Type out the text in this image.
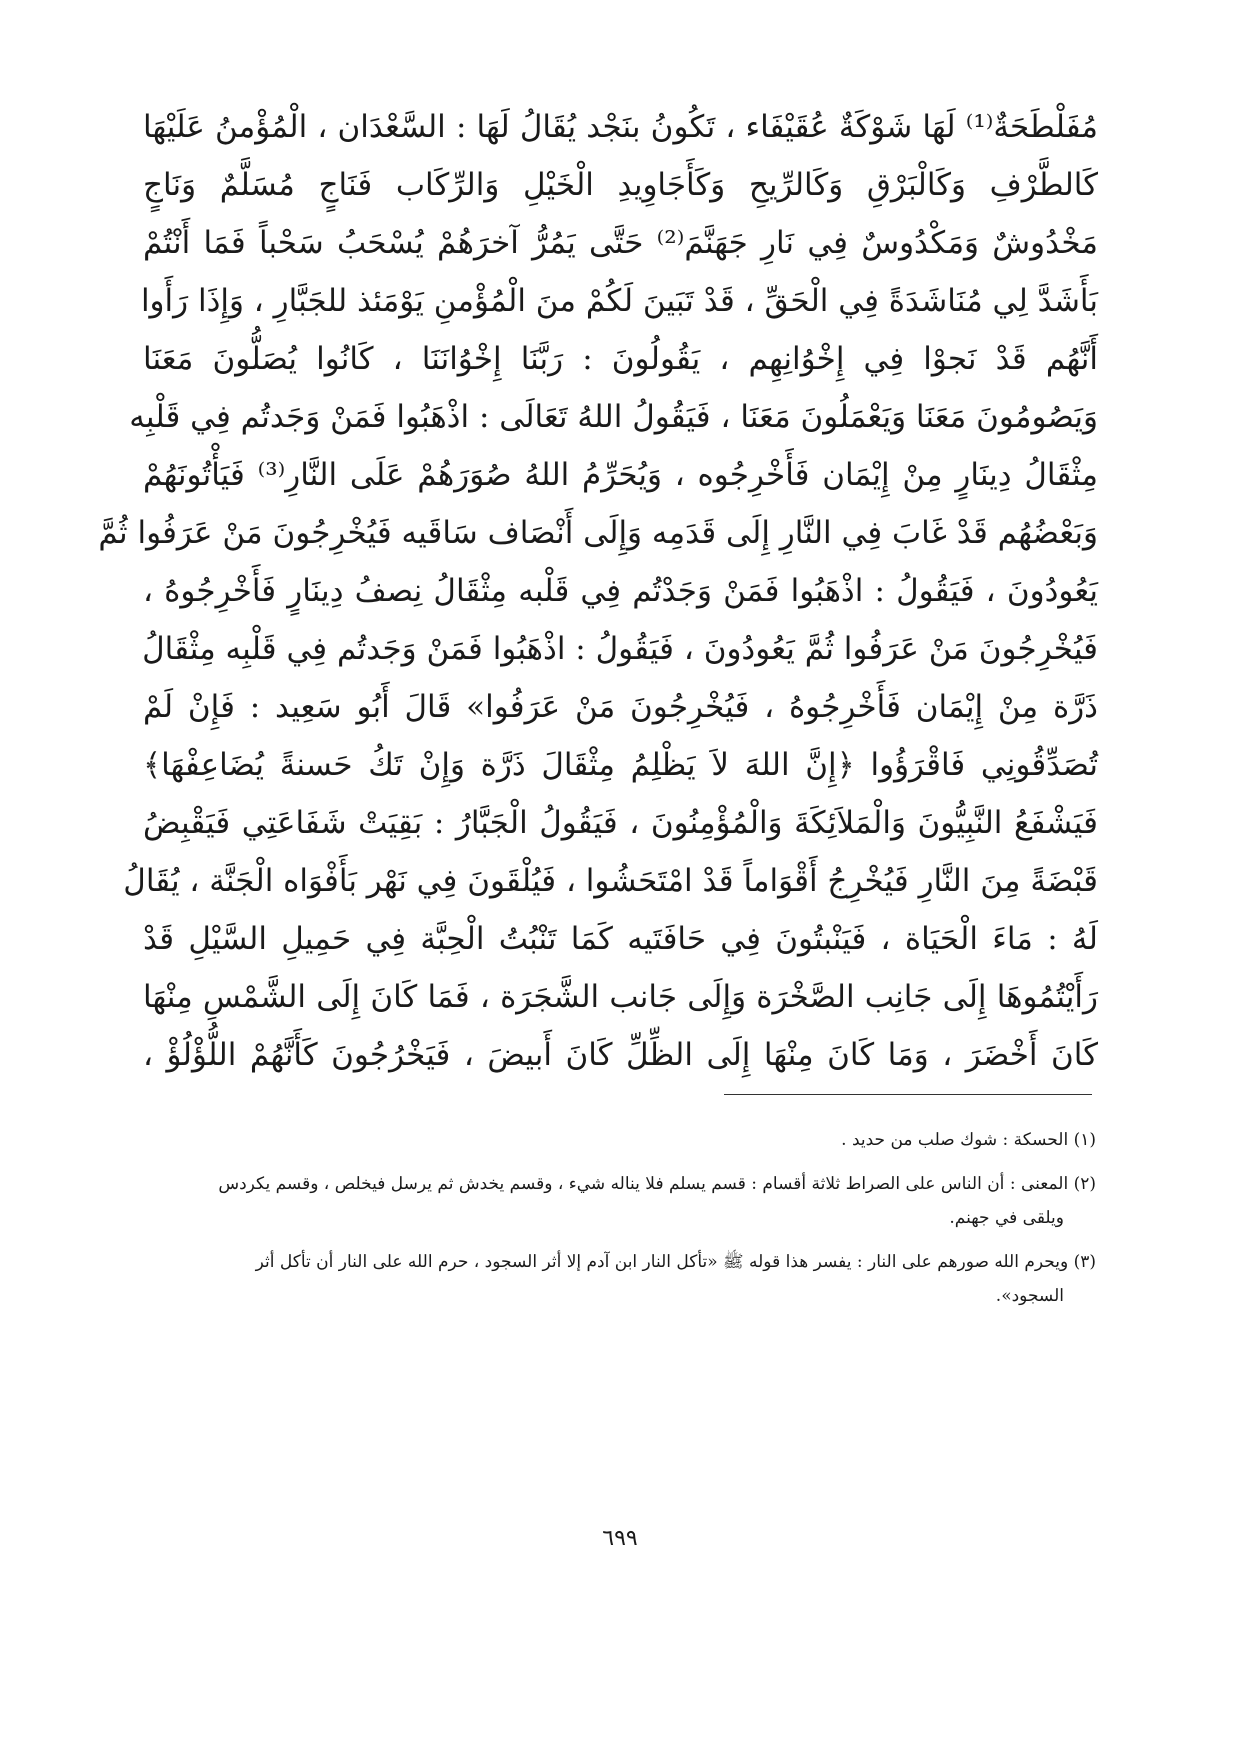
مُفَلْطَحَةٌ⁽¹⁾ لَهَا شَوْكَةٌ عُقَيْفَاء ، تَكُونُ بنَجْد يُقَالُ لَهَا : السَّعْدَان ، الْمُؤْمنُ عَلَيْهَا
كَالطَّرْفِ وَكَالْبَرْقِ وَكَالرِّيحِ وَكَأَجَاوِيدِ الْخَيْلِ وَالرِّكَاب فَنَاجٍ مُسَلَّمٌ وَنَاجٍ
مَخْدُوشٌ وَمَكْدُوسٌ فِي نَارِ جَهَنَّمَ⁽²⁾ حَتَّى يَمُرُّ آخرَهُمْ يُسْحَبُ سَحْباً فَمَا أَنْتُمْ
بَأَشَدَّ لِي مُنَاشَدَةً فِي الْحَقِّ ، قَدْ تَبَينَ لَكُمْ منَ الْمُؤْمنِ يَوْمَئذ للجَبَّارِ ، وَإِذَا رَأَوا
أَنَّهُم قَدْ نَجوْا فِي إِخْوُانِهِم ، يَقُولُونَ : رَبَّنَا إِخْوُانَنَا ، كَانُوا يُصَلُّونَ مَعَنَا
وَيَصُومُونَ مَعَنَا وَيَعْمَلُونَ مَعَنَا ، فَيَقُولُ اللهُ تَعَالَى : اذْهَبُوا فَمَنْ وَجَدتُم فِي قَلْبِه
مِثْقَالُ دِينَارٍ مِنْ إِيْمَان فَأَخْرِجُوه ، وَيُحَرِّمُ اللهُ صُوَرَهُمْ عَلَى النَّارِ⁽³⁾ فَيَأْتُونَهُمْ
وَبَعْضُهُم قَدْ غَابَ فِي النَّارِ إِلَى قَدَمِه وَإِلَى أَنْصَاف سَاقَيه فَيُخْرِجُونَ مَنْ عَرَفُوا ثُمَّ
يَعُودُونَ ، فَيَقُولُ : اذْهَبُوا فَمَنْ وَجَدْتُم فِي قَلْبه مِثْقَالُ نِصفُ دِينَارٍ فَأَخْرِجُوهُ ،
فَيُخْرِجُونَ مَنْ عَرَفُوا ثُمَّ يَعُودُونَ ، فَيَقُولُ : اذْهَبُوا فَمَنْ وَجَدتُم فِي قَلْبِه مِثْقَالُ
ذَرَّة مِنْ إِيْمَان فَأَخْرِجُوهُ ، فَيُخْرِجُونَ مَنْ عَرَفُوا» قَالَ أَبُو سَعِيد : فَإِنْ لَمْ
تُصَدِّقُونِي فَاقْرَؤُوا ﴿إِنَّ اللهَ لاَ يَظْلِمُ مِثْقَالَ ذَرَّة وَإِنْ تَكُ حَسنةً يُضَاعِفْهَا﴾
فَيَشْفَعُ النَّبِيُّونَ وَالْمَلاَئِكَةَ وَالْمُؤْمِنُونَ ، فَيَقُولُ الْجَبَّارُ : بَقِيَتْ شَفَاعَتِي فَيَقْبِضُ
قَبْضَةً مِنَ النَّارِ فَيُخْرِجُ أَقْوَاماً قَدْ امْتَحَشُوا ، فَيُلْقَونَ فِي نَهْر بَأَفْوَاه الْجَنَّة ، يُقَالُ
لَهُ : مَاءَ الْحَيَاة ، فَيَنْبتُونَ فِي حَافَتَيه كَمَا تَنْبُتُ الْحِبَّة فِي حَمِيلِ السَّيْلِ قَدْ
رَأَيْتُمُوهَا إِلَى جَانِب الصَّخْرَة وَإِلَى جَانب الشَّجَرَة ، فَمَا كَانَ إِلَى الشَّمْسِ مِنْهَا
كَانَ أَخْضَرَ ، وَمَا كَانَ مِنْهَا إِلَى الظِّلِّ كَانَ أَبيضَ ، فَيَخْرُجُونَ كَأَنَّهُمْ اللُّؤْلُؤْ ،
(١) الحسكة : شوك صلب من حديد .
(٢) المعنى : أن الناس على الصراط ثلاثة أقسام : قسم يسلم فلا يناله شيء ، وقسم يخدش ثم يرسل فيخلص ، وقسم يكردس
ويلقى في جهنم.
(٣) ويحرم الله صورهم على النار : يفسر هذا قوله ﷺ «تأكل النار ابن آدم إلا أثر السجود ، حرم الله على النار أن تأكل أثر
السجود».
٦٩٩
